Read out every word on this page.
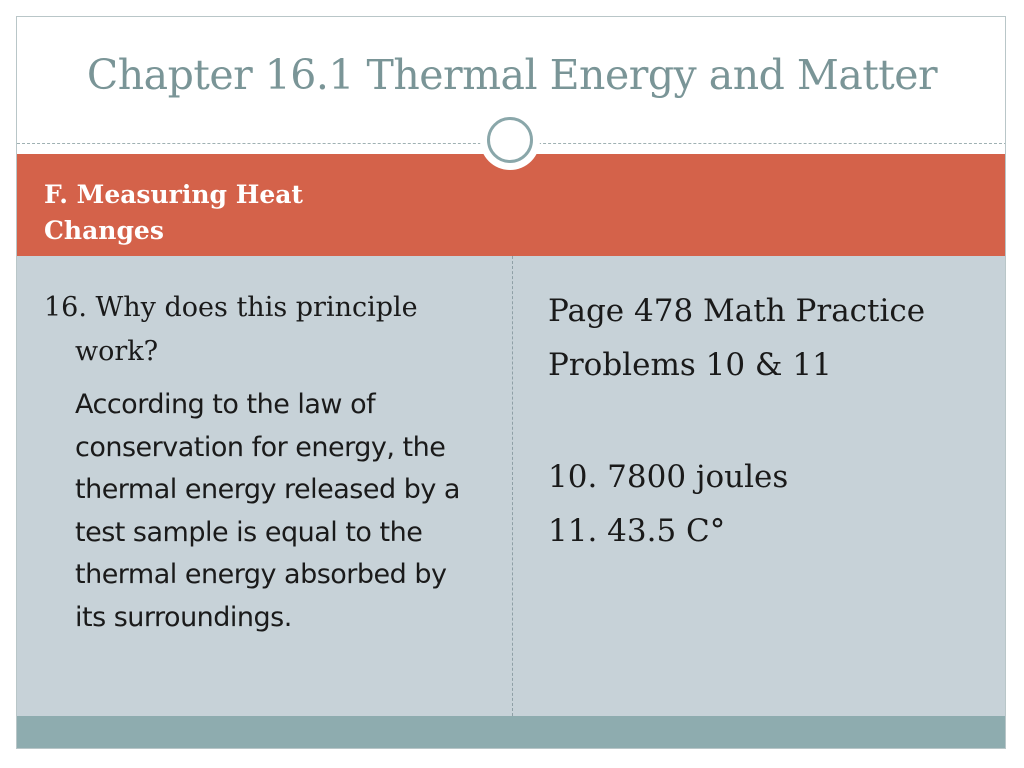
Chapter 16.1 Thermal Energy and Matter
F. Measuring Heat Changes

16. Why does this principle work?

According to the law of conservation for energy, the thermal energy released by a test sample is equal to the thermal energy absorbed by its surroundings.

Page 478 Math Practice

Problems 10 & 11

10. 7800 joules

11. 43.5 C°
